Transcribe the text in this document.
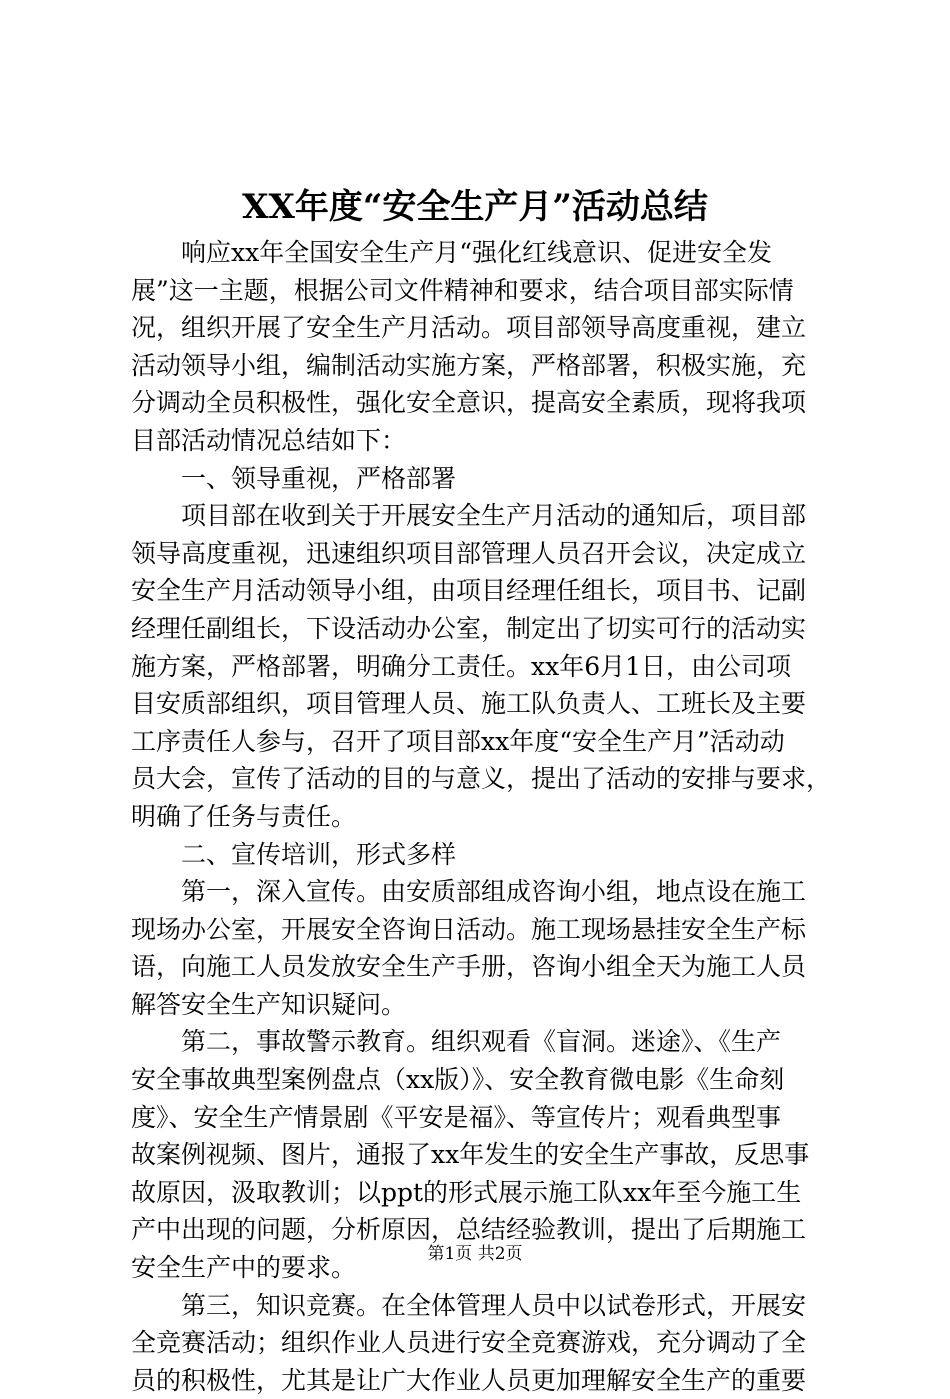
XX年度“安全生产月”活动总结
响应xx年全国安全生产月“强化红线意识、促进安全发
展”这一主题，根据公司文件精神和要求，结合项目部实际情
况，组织开展了安全生产月活动。项目部领导高度重视，建立
活动领导小组，编制活动实施方案，严格部署，积极实施，充
分调动全员积极性，强化安全意识，提高安全素质，现将我项
目部活动情况总结如下：
一、领导重视，严格部署
项目部在收到关于开展安全生产月活动的通知后，项目部
领导高度重视，迅速组织项目部管理人员召开会议，决定成立
安全生产月活动领导小组，由项目经理任组长，项目书、记副
经理任副组长，下设活动办公室，制定出了切实可行的活动实
施方案，严格部署，明确分工责任。xx年6月1日，由公司项
目安质部组织，项目管理人员、施工队负责人、工班长及主要
工序责任人参与，召开了项目部xx年度“安全生产月”活动动
员大会，宣传了活动的目的与意义，提出了活动的安排与要求，
明确了任务与责任。
二、宣传培训，形式多样
第一，深入宣传。由安质部组成咨询小组，地点设在施工
现场办公室，开展安全咨询日活动。施工现场悬挂安全生产标
语，向施工人员发放安全生产手册，咨询小组全天为施工人员
解答安全生产知识疑问。
第二，事故警示教育。组织观看《盲洞。迷途》、《生产
安全事故典型案例盘点（xx版）》、安全教育微电影《生命刻
度》、安全生产情景剧《平安是福》、等宣传片；观看典型事
故案例视频、图片，通报了xx年发生的安全生产事故，反思事
故原因，汲取教训；以ppt的形式展示施工队xx年至今施工生
产中出现的问题，分析原因，总结经验教训，提出了后期施工
安全生产中的要求。
第三，知识竞赛。在全体管理人员中以试卷形式，开展安
全竞赛活动；组织作业人员进行安全竞赛游戏，充分调动了全
员的积极性，尤其是让广大作业人员更加理解安全生产的重要
第1页 共2页
